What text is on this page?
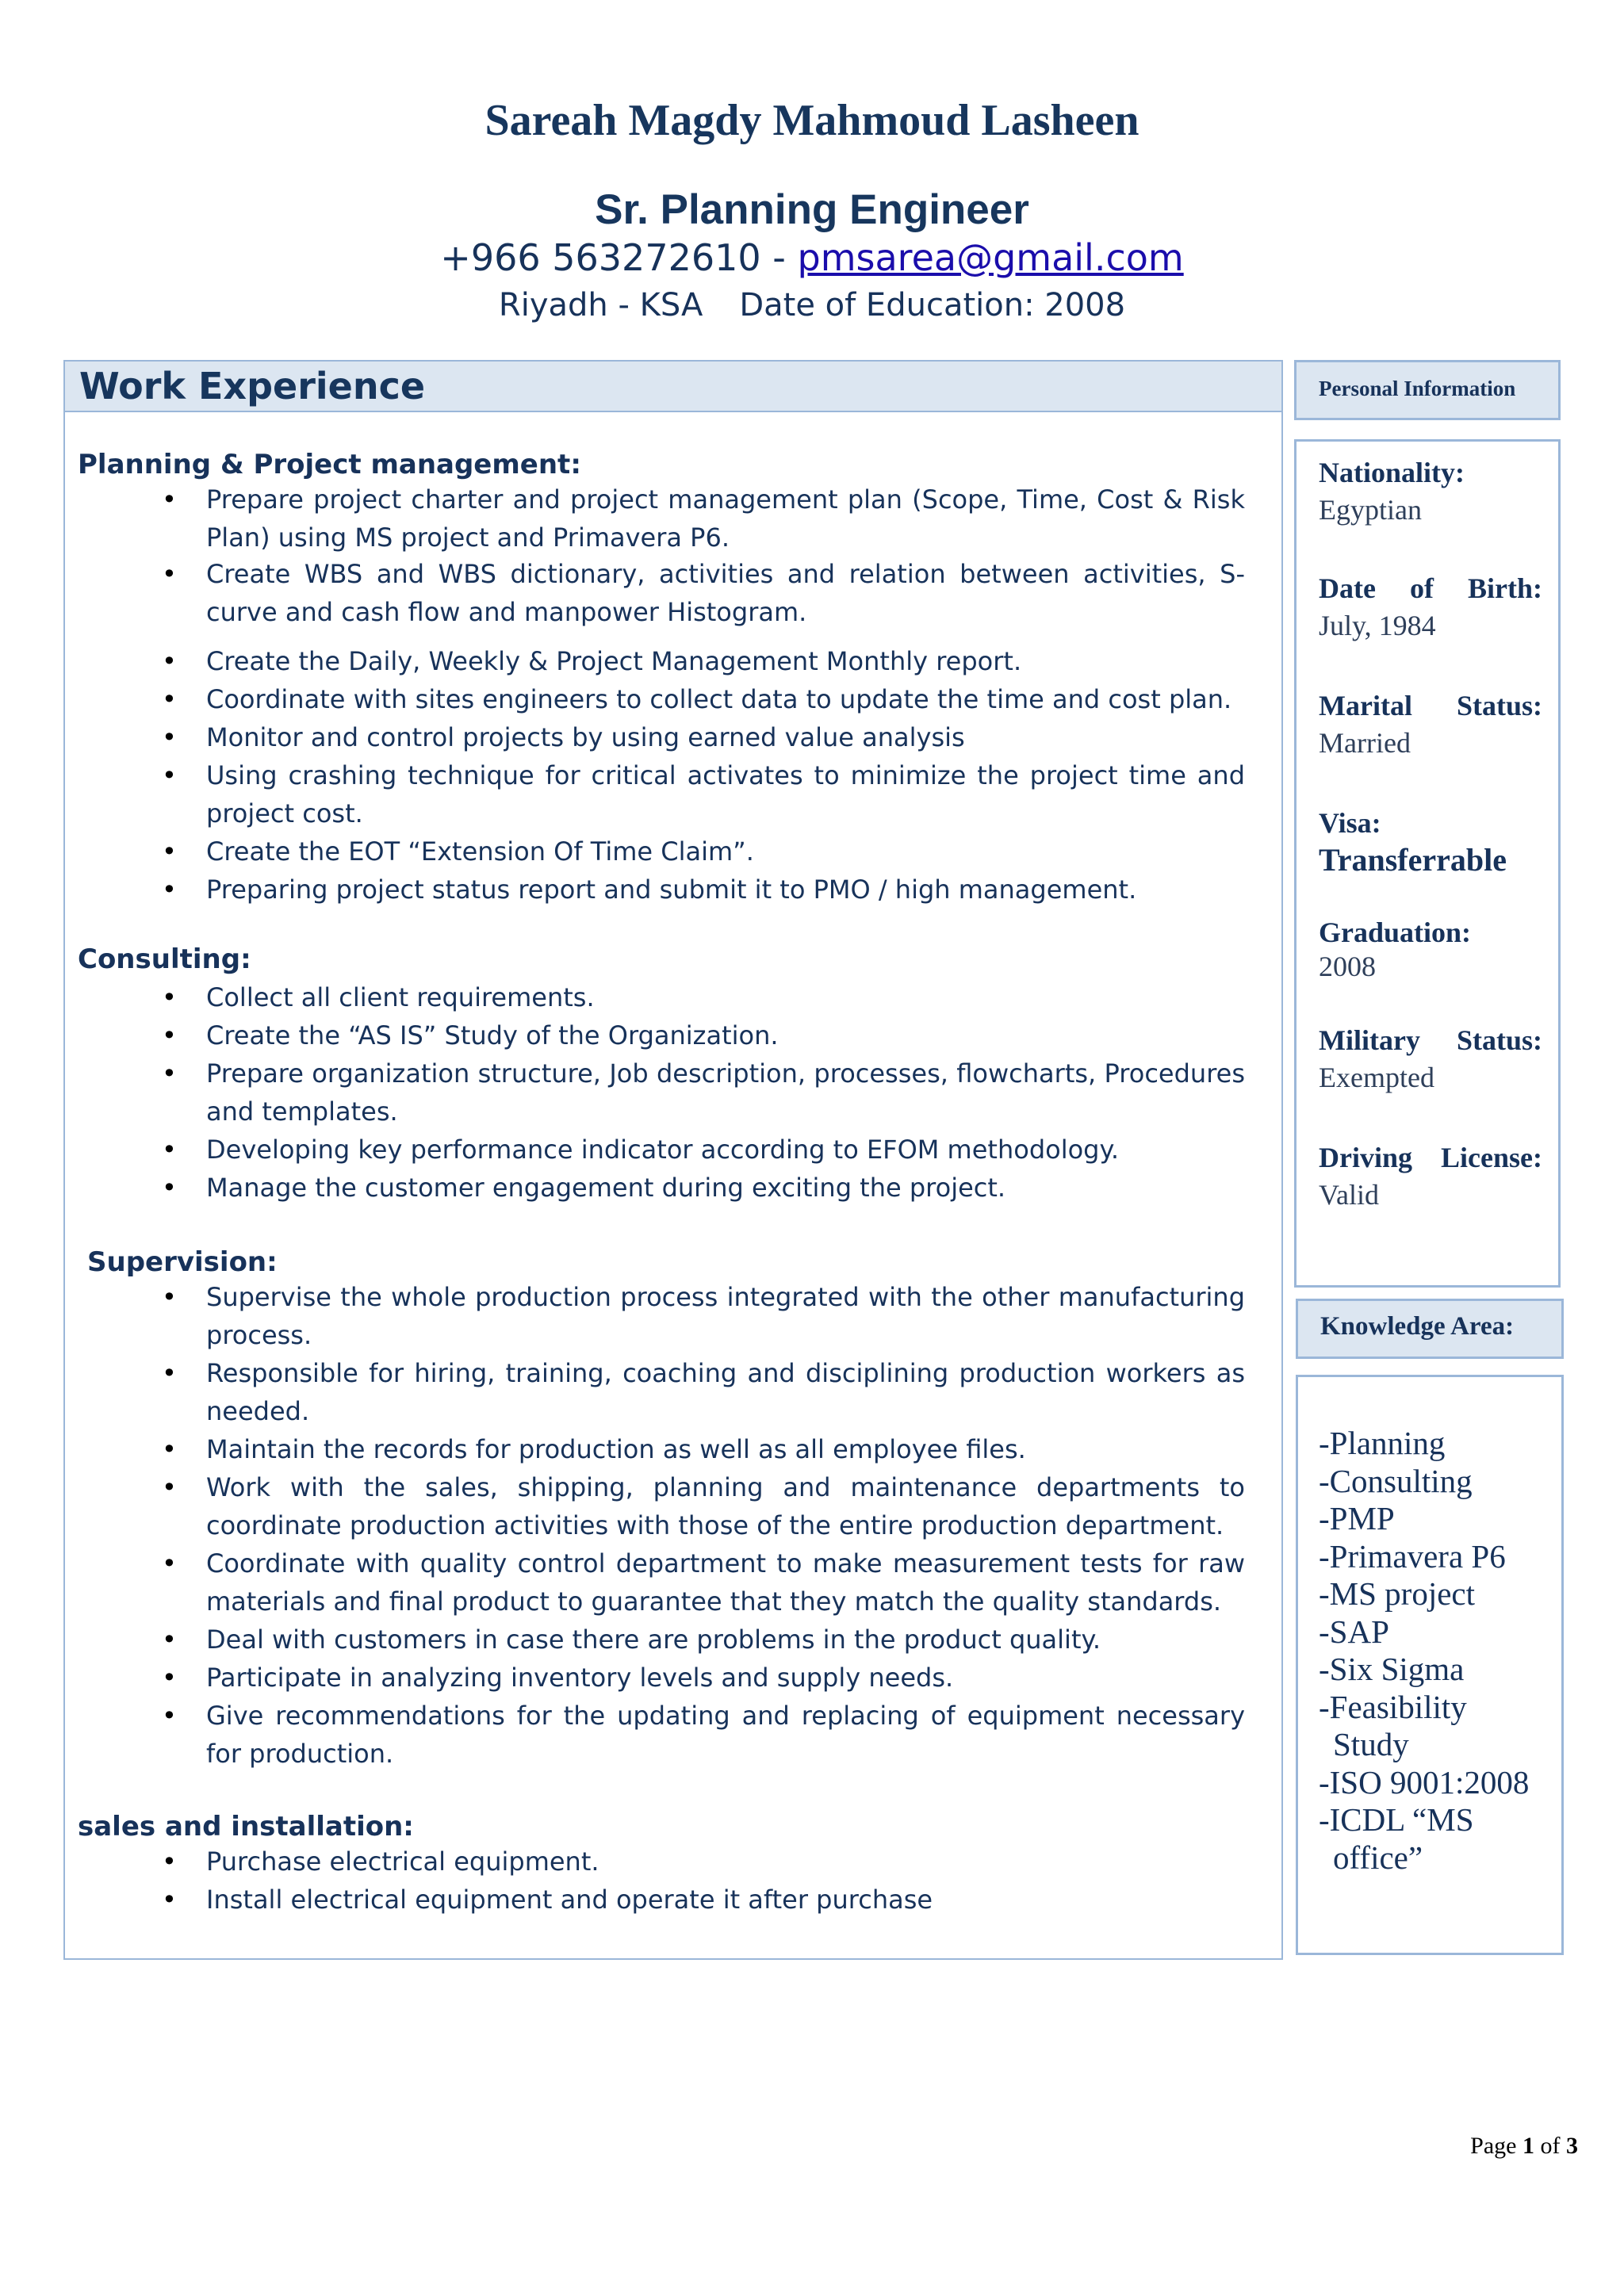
Sareah Magdy Mahmoud Lasheen
Sr. Planning Engineer
+966 563272610 - pmsarea@gmail.com
Riyadh - KSA Date of Education: 2008
Work Experience
Planning & Project management:
• Prepare project charter and project management plan (Scope, Time, Cost & Risk Plan) using MS project and Primavera P6.
• Create WBS and WBS dictionary, activities and relation between activities, S-curve and cash flow and manpower Histogram.
• Create the Daily, Weekly & Project Management Monthly report.
• Coordinate with sites engineers to collect data to update the time and cost plan.
• Monitor and control projects by using earned value analysis
• Using crashing technique for critical activates to minimize the project time and project cost.
• Create the EOT “Extension Of Time Claim”.
• Preparing project status report and submit it to PMO / high management.
Consulting:
• Collect all client requirements.
• Create the “AS IS” Study of the Organization.
• Prepare organization structure, Job description, processes, flowcharts, Procedures and templates.
• Developing key performance indicator according to EFOM methodology.
• Manage the customer engagement during exciting the project.
Supervision:
• Supervise the whole production process integrated with the other manufacturing process.
• Responsible for hiring, training, coaching and disciplining production workers as needed.
• Maintain the records for production as well as all employee files.
• Work with the sales, shipping, planning and maintenance departments to coordinate production activities with those of the entire production department.
• Coordinate with quality control department to make measurement tests for raw materials and final product to guarantee that they match the quality standards.
• Deal with customers in case there are problems in the product quality.
• Participate in analyzing inventory levels and supply needs.
• Give recommendations for the updating and replacing of equipment necessary for production.
sales and installation:
• Purchase electrical equipment.
• Install electrical equipment and operate it after purchase
Personal Information
Nationality:
Egyptian
Date of Birth:
July, 1984
Marital Status:
Married
Visa:
Transferrable
Graduation:
2008
Military Status:
Exempted
Driving License:
Valid
Knowledge Area:
-Planning
-Consulting
-PMP
-Primavera P6
-MS project
-SAP
-Six Sigma
-Feasibility Study
-ISO 9001:2008
-ICDL “MS office”
Page 1 of 3
